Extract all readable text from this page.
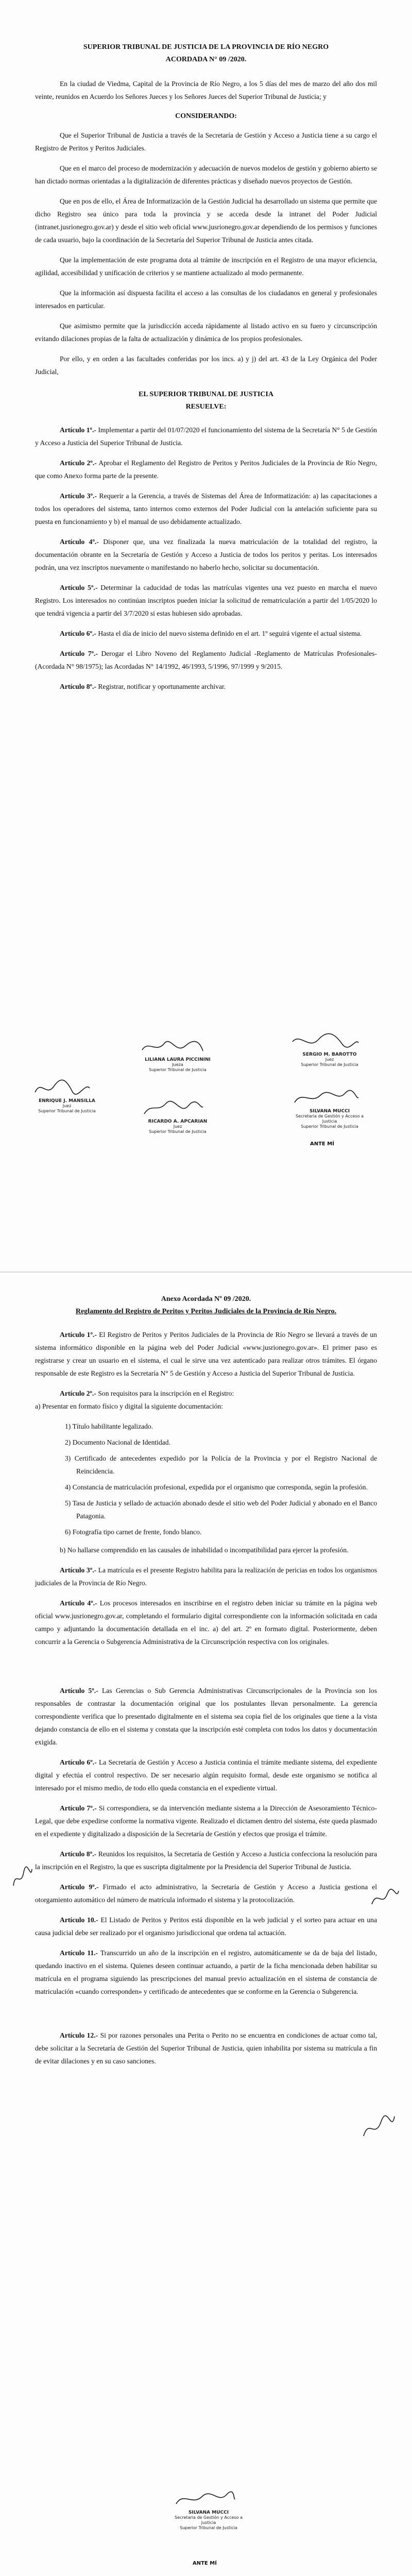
SUPERIOR TRIBUNAL DE JUSTICIA DE LA PROVINCIA DE RÍO NEGRO
ACORDADA N° 09 /2020.

En la ciudad de Viedma, Capital de la Provincia de Río Negro, a los 5 días del mes de marzo del año dos mil veinte, reunidos en Acuerdo los Señores Jueces y los Señores Jueces del Superior Tribunal de Justicia; y

CONSIDERANDO:

Que el Superior Tribunal de Justicia a través de la Secretaría de Gestión y Acceso a Justicia tiene a su cargo el Registro de Peritos y Peritos Judiciales.

Que en el marco del proceso de modernización y adecuación de nuevos modelos de gestión y gobierno abierto se han dictado normas orientadas a la digitalización de diferentes prácticas y diseñado nuevos proyectos de Gestión.

Que en pos de ello, el Área de Informatización de la Gestión Judicial ha desarrollado un sistema que permite que dicho Registro sea único para toda la provincia y se acceda desde la intranet del Poder Judicial (intranet.jusrionegro.gov.ar) y desde el sitio web oficial www.jusrionegro.gov.ar dependiendo de los permisos y funciones de cada usuario, bajo la coordinación de la Secretaría del Superior Tribunal de Justicia antes citada.

Que la implementación de este programa dota al trámite de inscripción en el Registro de una mayor eficiencia, agilidad, accesibilidad y unificación de criterios y se mantiene actualizado al modo permanente.

Que la información así dispuesta facilita el acceso a las consultas de los ciudadanos en general y profesionales interesados en particular.

Que asimismo permite que la jurisdicción acceda rápidamente al listado activo en su fuero y circunscripción evitando dilaciones propias de la falta de actualización y dinámica de los propios profesionales.

Por ello, y en orden a las facultades conferidas por los incs. a) y j) del art. 43 de la Ley Orgánica del Poder Judicial,

EL SUPERIOR TRIBUNAL DE JUSTICIA
RESUELVE:

Artículo 1º.- Implementar a partir del 01/07/2020 el funcionamiento del sistema de la Secretaría N° 5 de Gestión y Acceso a Justicia del Superior Tribunal de Justicia.

Artículo 2º.- Aprobar el Reglamento del Registro de Peritos y Peritos Judiciales de la Provincia de Río Negro, que como Anexo forma parte de la presente.

Artículo 3º.- Requerir a la Gerencia, a través de Sistemas del Área de Informatización: a) las capacitaciones a todos los operadores del sistema, tanto internos como externos del Poder Judicial con la antelación suficiente para su puesta en funcionamiento y b) el manual de uso debidamente actualizado.

Artículo 4º.- Disponer que, una vez finalizada la nueva matriculación de la totalidad del registro, la documentación obrante en la Secretaría de Gestión y Acceso a Justicia de todos los peritos y peritas. Los interesados podrán, una vez inscriptos nuevamente o manifestando no haberlo hecho, solicitar su documentación.

Artículo 5º.- Determinar la caducidad de todas las matrículas vigentes una vez puesto en marcha el nuevo Registro. Los interesados no continúan inscriptos pueden iniciar la solicitud de rematriculación a partir del 1/05/2020 lo que tendrá vigencia a partir del 3/7/2020 si estas hubiesen sido aprobadas.

Artículo 6º.- Hasta el día de inicio del nuevo sistema definido en el art. 1º seguirá vigente el actual sistema.

Artículo 7º.- Derogar el Libro Noveno del Reglamento Judicial -Reglamento de Matrículas Profesionales- (Acordada N° 98/1975); las Acordadas N° 14/1992, 46/1993, 5/1996, 97/1999 y 9/2015.

Artículo 8º.- Registrar, notificar y oportunamente archivar.

ENRIQUE J. MANSILLA
Juez
Superior Tribunal de Justicia
LILIANA LAURA PICCININI
Jueza
Superior Tribunal de Justicia
RICARDO A. APCARIAN
Juez
Superior Tribunal de Justicia
SERGIO M. BAROTTO
Juez
Superior Tribunal de Justicia
SILVANA MUCCI
Secretaria de Gestión y Acceso a Justicia
Superior Tribunal de Justicia
ANTE MÍ
Anexo Acordada Nº 09 /2020.
Reglamento del Registro de Peritos y Peritos Judiciales de la Provincia de Río Negro.

Artículo 1º.- El Registro de Peritos y Peritos Judiciales de la Provincia de Río Negro se llevará a través de un sistema informático disponible en la página web del Poder Judicial «www.jusrionegro.gov.ar». El primer paso es registrarse y crear un usuario en el sistema, el cual le sirve una vez autenticado para realizar otros trámites. El órgano responsable de este Registro es la Secretaría N° 5 de Gestión y Acceso a Justicia del Superior Tribunal de Justicia.

Artículo 2º.- Son requisitos para la inscripción en el Registro:
a) Presentar en formato físico y digital la siguiente documentación:

1) Título habilitante legalizado.
2) Documento Nacional de Identidad.
3) Certificado de antecedentes expedido por la Policía de la Provincia y por el Registro Nacional de Reincidencia.
4) Constancia de matriculación profesional, expedida por el organismo que corresponda, según la profesión.
5) Tasa de Justicia y sellado de actuación abonado desde el sitio web del Poder Judicial y abonado en el Banco Patagonia.
6) Fotografía tipo carnet de frente, fondo blanco.

b) No hallarse comprendido en las causales de inhabilidad o incompatibilidad para ejercer la profesión.

Artículo 3º.- La matrícula es el presente Registro habilita para la realización de pericias en todos los organismos judiciales de la Provincia de Río Negro.

Artículo 4º.- Los procesos interesados en inscribirse en el registro deben iniciar su trámite en la página web oficial www.jusrionegro.gov.ar, completando el formulario digital correspondiente con la información solicitada en cada campo y adjuntando la documentación detallada en el inc. a) del art. 2º en formato digital. Posteriormente, deben concurrir a la Gerencia o Subgerencia Administrativa de la Circunscripción respectiva con los originales.

Artículo 5º.- Las Gerencias o Sub Gerencia Administrativas Circunscripcionales de la Provincia son los responsables de contrastar la documentación original que los postulantes llevan personalmente. La gerencia correspondiente verifica que lo presentado digitalmente en el sistema sea copia fiel de los originales que tiene a la vista dejando constancia de ello en el sistema y constata que la inscripción esté completa con todos los datos y documentación exigida.

Artículo 6º.- La Secretaría de Gestión y Acceso a Justicia continúa el trámite mediante sistema, del expediente digital y efectúa el control respectivo. De ser necesario algún requisito formal, desde este organismo se notifica al interesado por el mismo medio, de todo ello queda constancia en el expediente virtual.

Artículo 7º.- Si correspondiera, se da intervención mediante sistema a la Dirección de Asesoramiento Técnico- Legal, que debe expedirse conforme la normativa vigente. Realizado el dictamen dentro del sistema, éste queda plasmado en el expediente y digitalizado a disposición de la Secretaría de Gestión y efectos que prosiga el trámite.

Artículo 8º.- Reunidos los requisitos, la Secretaría de Gestión y Acceso a Justicia confecciona la resolución para la inscripción en el Registro, la que es suscripta digitalmente por la Presidencia del Superior Tribunal de Justicia.

Artículo 9º.- Firmado el acto administrativo, la Secretaría de Gestión y Acceso a Justicia gestiona el otorgamiento automático del número de matrícula informado el sistema y la protocolización.

Artículo 10.- El Listado de Peritos y Peritos está disponible en la web judicial y el sorteo para actuar en una causa judicial debe ser realizado por el organismo jurisdiccional que ordena tal actuación.

Artículo 11.- Transcurrido un año de la inscripción en el registro, automáticamente se da de baja del listado, quedando inactivo en el sistema. Quienes deseen continuar actuando, a partir de la ficha mencionada deben habilitar su matrícula en el programa siguiendo las prescripciones del manual previo actualización en el sistema de constancia de matriculación «cuando corresponden» y certificado de antecedentes que se conforme en la Gerencia o Subgerencia.

Artículo 12.- Si por razones personales una Perita o Perito no se encuentra en condiciones de actuar como tal, debe solicitar a la Secretaría de Gestión del Superior Tribunal de Justicia, quien inhabilita por sistema su matrícula a fin de evitar dilaciones y en su caso sanciones.

SILVANA MUCCI
Secretaria de Gestión y Acceso a Justicia
Superior Tribunal de Justicia
ANTE MÍ
